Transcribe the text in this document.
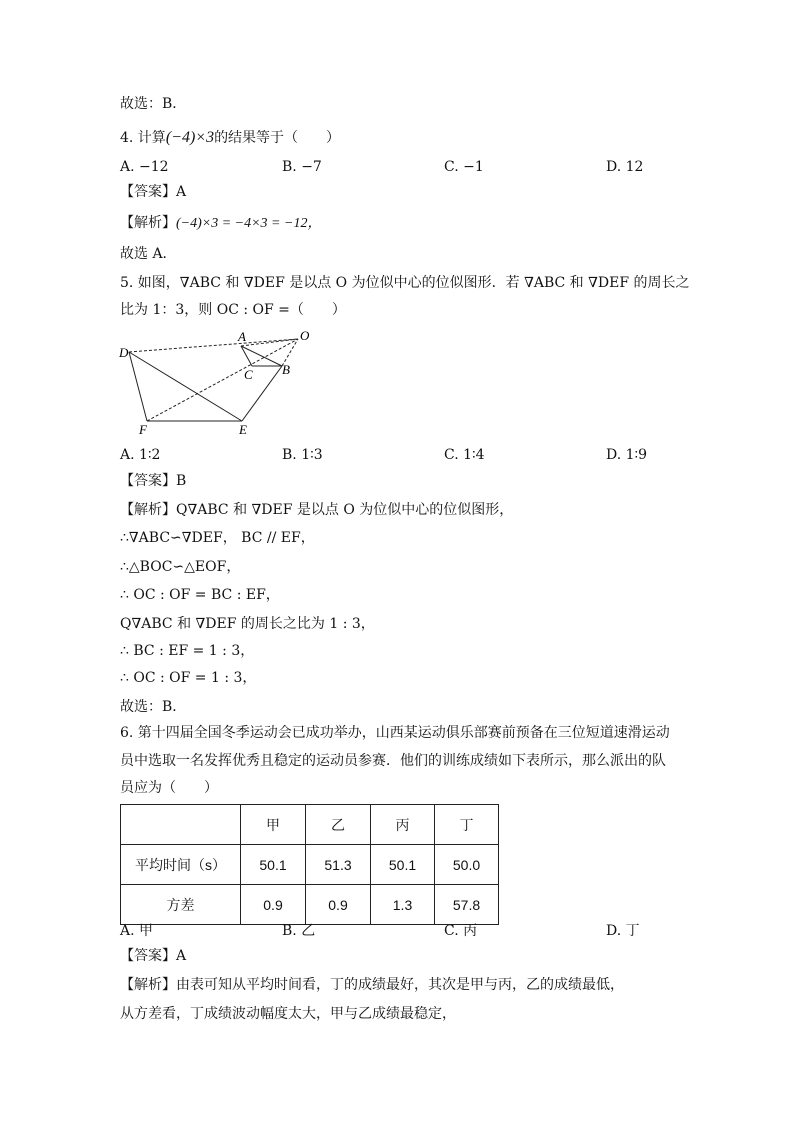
故选：B．
4. 计算(−4)×3的结果等于（　　）
A. −12	B. −7	C. −1	D. 12
【答案】A
【解析】(−4)×3 = −4×3 = −12，
故选 A．
5. 如图，∇ABC 和 ∇DEF 是以点 O 为位似中心的位似图形．若 ∇ABC 和 ∇DEF 的周长之
比为 1：3，则 OC : OF =（　　）
D
A	O
C B
F	E
A. 1∶2	B. 1∶3	C. 1∶4	D. 1∶9
【答案】B
【解析】Q∇ABC 和 ∇DEF 是以点 O 为位似中心的位似图形，
∴∇ABC∽∇DEF， BC // EF，
∴△BOC∽△EOF，
∴ OC : OF = BC : EF，
Q∇ABC 和 ∇DEF 的周长之比为 1 : 3，
∴ BC : EF = 1 : 3，
∴ OC : OF = 1 : 3，
故选：B．
6. 第十四届全国冬季运动会已成功举办，山西某运动俱乐部赛前预备在三位短道速滑运动
员中选取一名发挥优秀且稳定的运动员参赛．他们的训练成绩如下表所示，那么派出的队
员应为（　　）
	甲	乙	丙	丁
平均时间（s）	50.1	51.3	50.1	50.0
方差	0.9	0.9	1.3	57.8
A. 甲	B. 乙	C. 丙	D. 丁
【答案】A
【解析】由表可知从平均时间看，丁的成绩最好，其次是甲与丙，乙的成绩最低，
从方差看，丁成绩波动幅度太大，甲与乙成绩最稳定，
